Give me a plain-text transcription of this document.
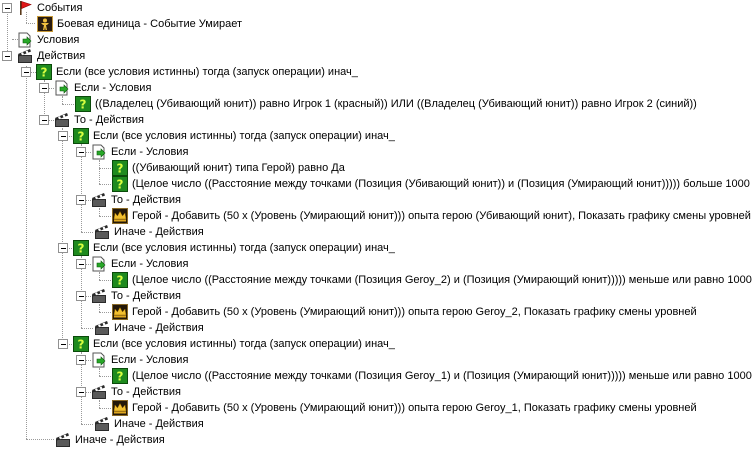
События
Боевая единица - Событие Умирает
Условия
Действия
? Если (все условия истинны) тогда (запуск операции) инач_
Если - Условия
? ((Владелец (Убивающий юнит)) равно Игрок 1 (красный)) ИЛИ ((Владелец (Убивающий юнит)) равно Игрок 2 (синий))
То - Действия
? Если (все условия истинны) тогда (запуск операции) инач_
Если - Условия
? ((Убивающий юнит) типа Герой) равно Да
? (Целое число ((Расстояние между точками (Позиция (Убивающий юнит)) и (Позиция (Умирающий юнит))))) больше 1000
То - Действия
Герой - Добавить (50 x (Уровень (Умирающий юнит))) опыта герою (Убивающий юнит), Показать графику смены уровней
Иначе - Действия
? Если (все условия истинны) тогда (запуск операции) инач_
Если - Условия
? (Целое число ((Расстояние между точками (Позиция Geroy_2) и (Позиция (Умирающий юнит))))) меньше или равно 1000
То - Действия
Герой - Добавить (50 x (Уровень (Умирающий юнит))) опыта герою Geroy_2, Показать графику смены уровней
Иначе - Действия
? Если (все условия истинны) тогда (запуск операции) инач_
Если - Условия
? (Целое число ((Расстояние между точками (Позиция Geroy_1) и (Позиция (Умирающий юнит))))) меньше или равно 1000
То - Действия
Герой - Добавить (50 x (Уровень (Умирающий юнит))) опыта герою Geroy_1, Показать графику смены уровней
Иначе - Действия
Иначе - Действия
